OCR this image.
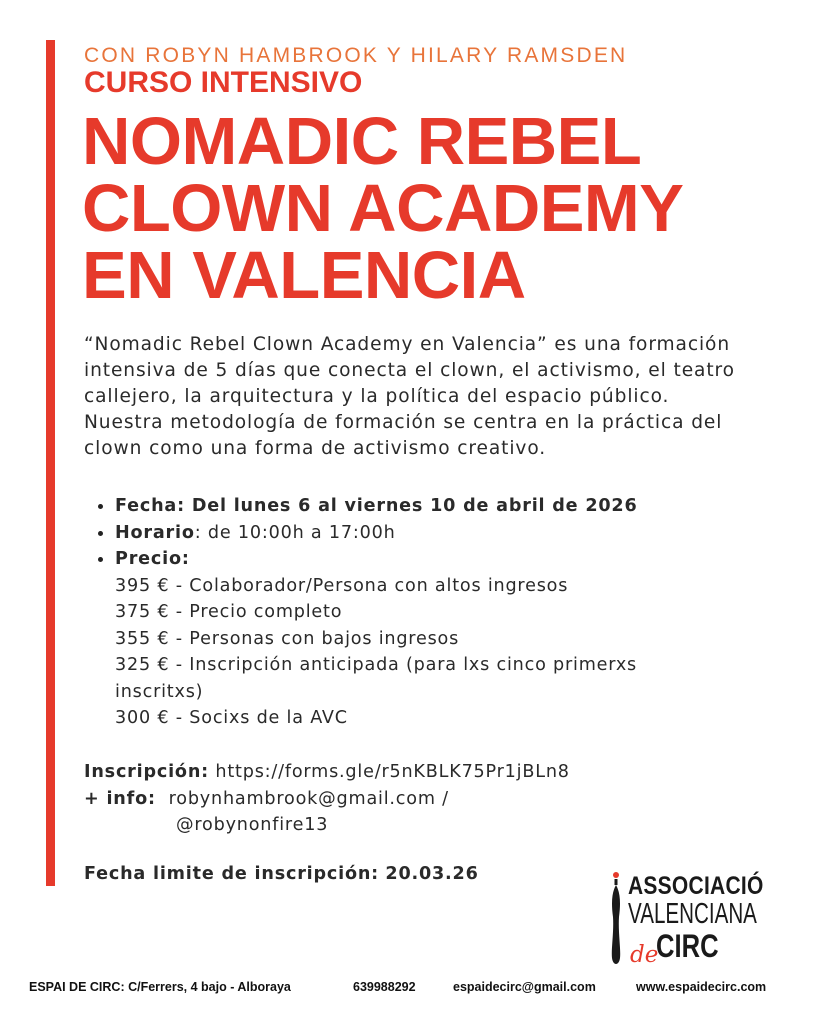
CON ROBYN HAMBROOK Y HILARY RAMSDEN
CURSO INTENSIVO
NOMADIC REBEL
CLOWN ACADEMY
EN VALENCIA
“Nomadic Rebel Clown Academy en Valencia” es una formación
intensiva de 5 días que conecta el clown, el activismo, el teatro
callejero, la arquitectura y la política del espacio público.
Nuestra metodología de formación se centra en la práctica del
clown como una forma de activismo creativo.
Fecha: Del lunes 6 al viernes 10 de abril de 2026
Horario: de 10:00h a 17:00h
Precio:
395 € - Colaborador/Persona con altos ingresos
375 € - Precio completo
355 € - Personas con bajos ingresos
325 € - Inscripción anticipada (para lxs cinco primerxs
inscritxs)
300 € - Socixs de la AVC
Inscripción: https://forms.gle/r5nKBLK75Pr1jBLn8
+ info: robynhambrook@gmail.com /
@robynonfire13
Fecha limite de inscripción: 20.03.26	ASSOCIACIÓ
VALENCIANA
de
CIRC
ESPAI DE CIRC: C/Ferrers, 4 bajo - Alboraya	639988292	espaidecirc@gmail.com	www.espaidecirc.com
